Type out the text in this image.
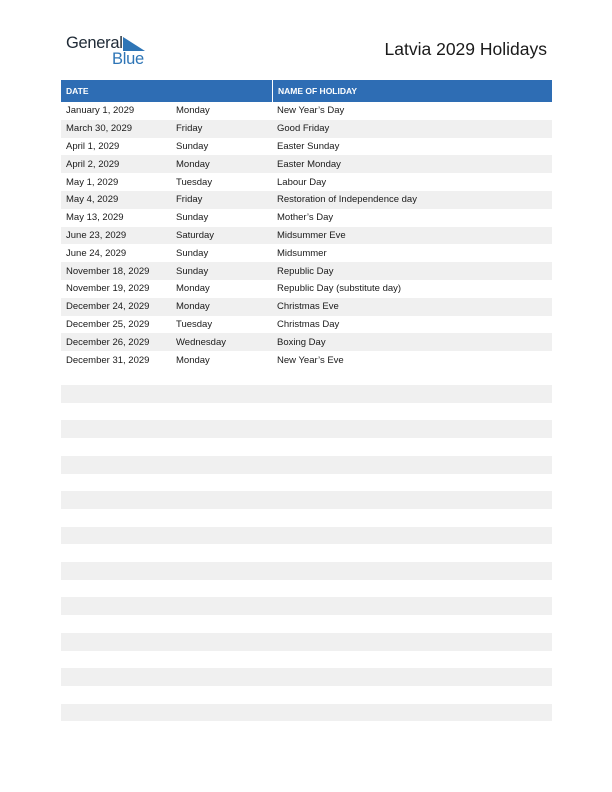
General
Blue	Latvia 2029 Holidays
DATE	NAME OF HOLIDAY
January 1, 2029	Monday	New Year’s Day
March 30, 2029	Friday	Good Friday
April 1, 2029	Sunday	Easter Sunday
April 2, 2029	Monday	Easter Monday
May 1, 2029	Tuesday	Labour Day
May 4, 2029	Friday	Restoration of Independence day
May 13, 2029	Sunday	Mother’s Day
June 23, 2029	Saturday	Midsummer Eve
June 24, 2029	Sunday	Midsummer
November 18, 2029	Sunday	Republic Day
November 19, 2029	Monday	Republic Day (substitute day)
December 24, 2029	Monday	Christmas Eve
December 25, 2029	Tuesday	Christmas Day
December 26, 2029	Wednesday	Boxing Day
December 31, 2029	Monday	New Year’s Eve
